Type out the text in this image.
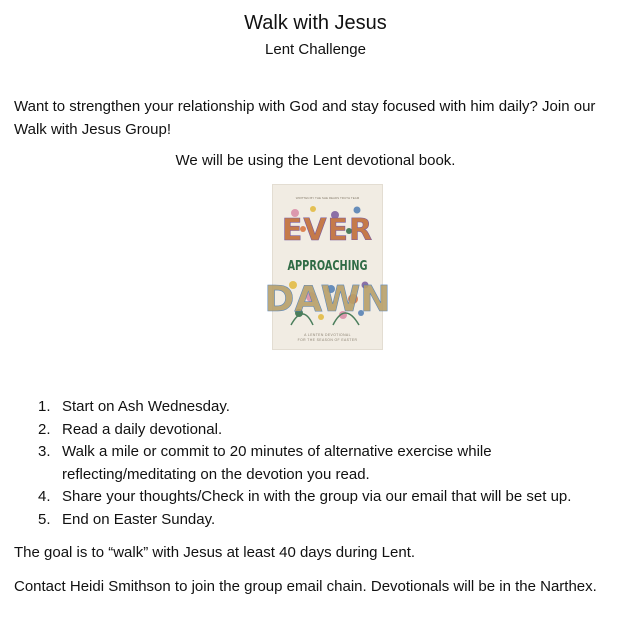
Walk with Jesus
Lent Challenge

Want to strengthen your relationship with God and stay focused with him daily? Join our Walk with Jesus Group!

We will be using the Lent devotional book.
WRITTEN BY THE SHE READS TRUTH TEAM
EVER
APPROACHING
DAWN
A LENTEN DEVOTIONAL
FOR THE SEASON OF EASTER
1. Start on Ash Wednesday.
2. Read a daily devotional.
3. Walk a mile or commit to 20 minutes of alternative exercise while reflecting/meditating on the devotion you read.
4. Share your thoughts/Check in with the group via our email that will be set up.
5. End on Easter Sunday.

The goal is to “walk” with Jesus at least 40 days during Lent.

Contact Heidi Smithson to join the group email chain. Devotionals will be in the Narthex.
